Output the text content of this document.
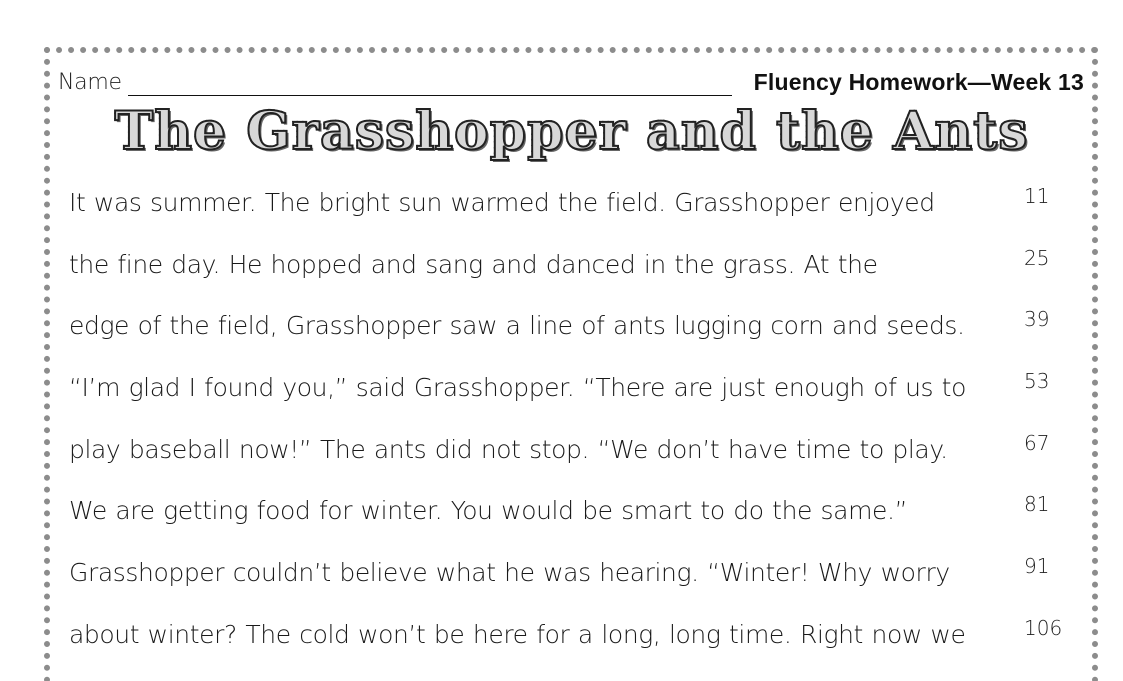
Name	Fluency Homework—Week 13
The Grasshopper and the Ants
It was summer. The bright sun warmed the field. Grasshopper enjoyed	11
the fine day. He hopped and sang and danced in the grass. At the	25
edge of the field, Grasshopper saw a line of ants lugging corn and seeds.	39
“I’m glad I found you,” said Grasshopper. “There are just enough of us to	53
play baseball now!” The ants did not stop. “We don’t have time to play.	67
We are getting food for winter. You would be smart to do the same.”	81
Grasshopper couldn’t believe what he was hearing. “Winter! Why worry	91
about winter? The cold won’t be here for a long, long time. Right now we	106
